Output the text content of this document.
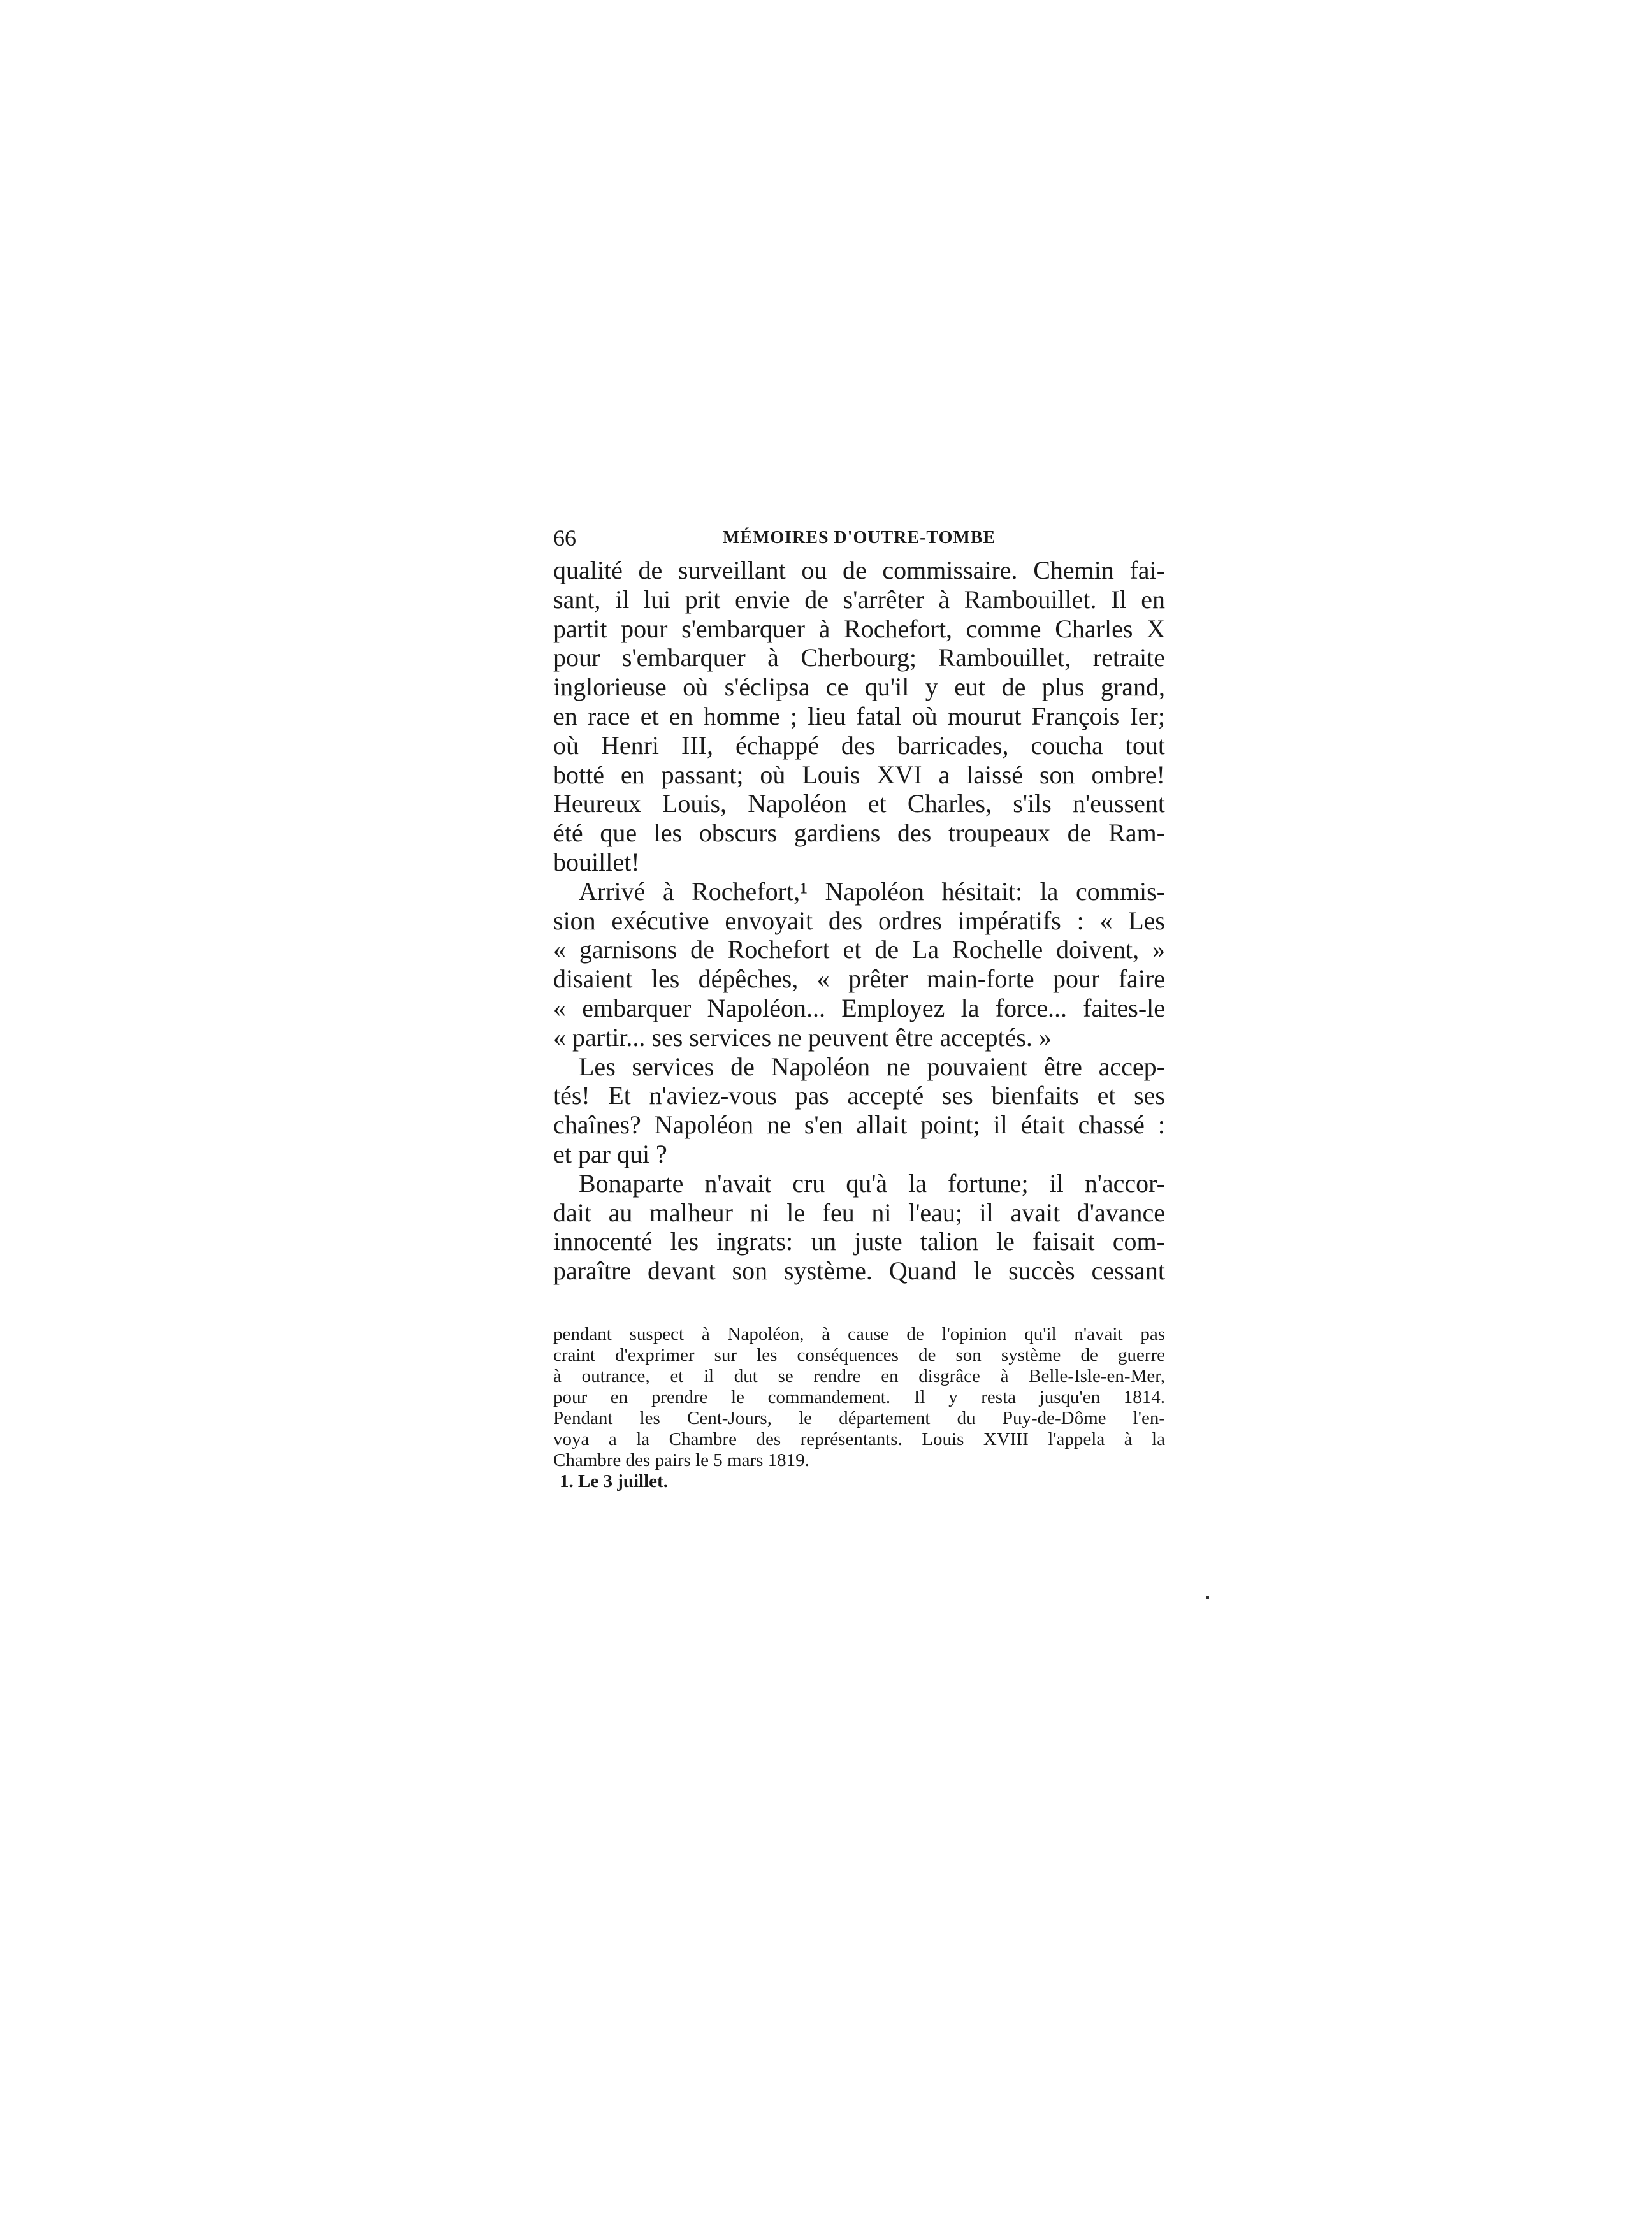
66	MÉMOIRES D'OUTRE-TOMBE
qualité de surveillant ou de commissaire. Chemin fai-
sant, il lui prit envie de s'arrêter à Rambouillet. Il en
partit pour s'embarquer à Rochefort, comme Charles X
pour s'embarquer à Cherbourg; Rambouillet, retraite
inglorieuse où s'éclipsa ce qu'il y eut de plus grand,
en race et en homme ; lieu fatal où mourut François Ier;
où Henri III, échappé des barricades, coucha tout
botté en passant; où Louis XVI a laissé son ombre!
Heureux Louis, Napoléon et Charles, s'ils n'eussent
été que les obscurs gardiens des troupeaux de Ram-
bouillet!
Arrivé à Rochefort,¹ Napoléon hésitait: la commis-
sion exécutive envoyait des ordres impératifs : « Les
« garnisons de Rochefort et de La Rochelle doivent, »
disaient les dépêches, « prêter main-forte pour faire
« embarquer Napoléon... Employez la force... faites-le
« partir... ses services ne peuvent être acceptés. »
Les services de Napoléon ne pouvaient être accep-
tés! Et n'aviez-vous pas accepté ses bienfaits et ses
chaînes? Napoléon ne s'en allait point; il était chassé :
et par qui ?
Bonaparte n'avait cru qu'à la fortune; il n'accor-
dait au malheur ni le feu ni l'eau; il avait d'avance
innocenté les ingrats: un juste talion le faisait com-
paraître devant son système. Quand le succès cessant
pendant suspect à Napoléon, à cause de l'opinion qu'il n'avait pas
craint d'exprimer sur les conséquences de son système de guerre
à outrance, et il dut se rendre en disgrâce à Belle-Isle-en-Mer,
pour en prendre le commandement. Il y resta jusqu'en 1814.
Pendant les Cent-Jours, le département du Puy-de-Dôme l'en-
voya a la Chambre des représentants. Louis XVIII l'appela à la
Chambre des pairs le 5 mars 1819.
1. Le 3 juillet.
